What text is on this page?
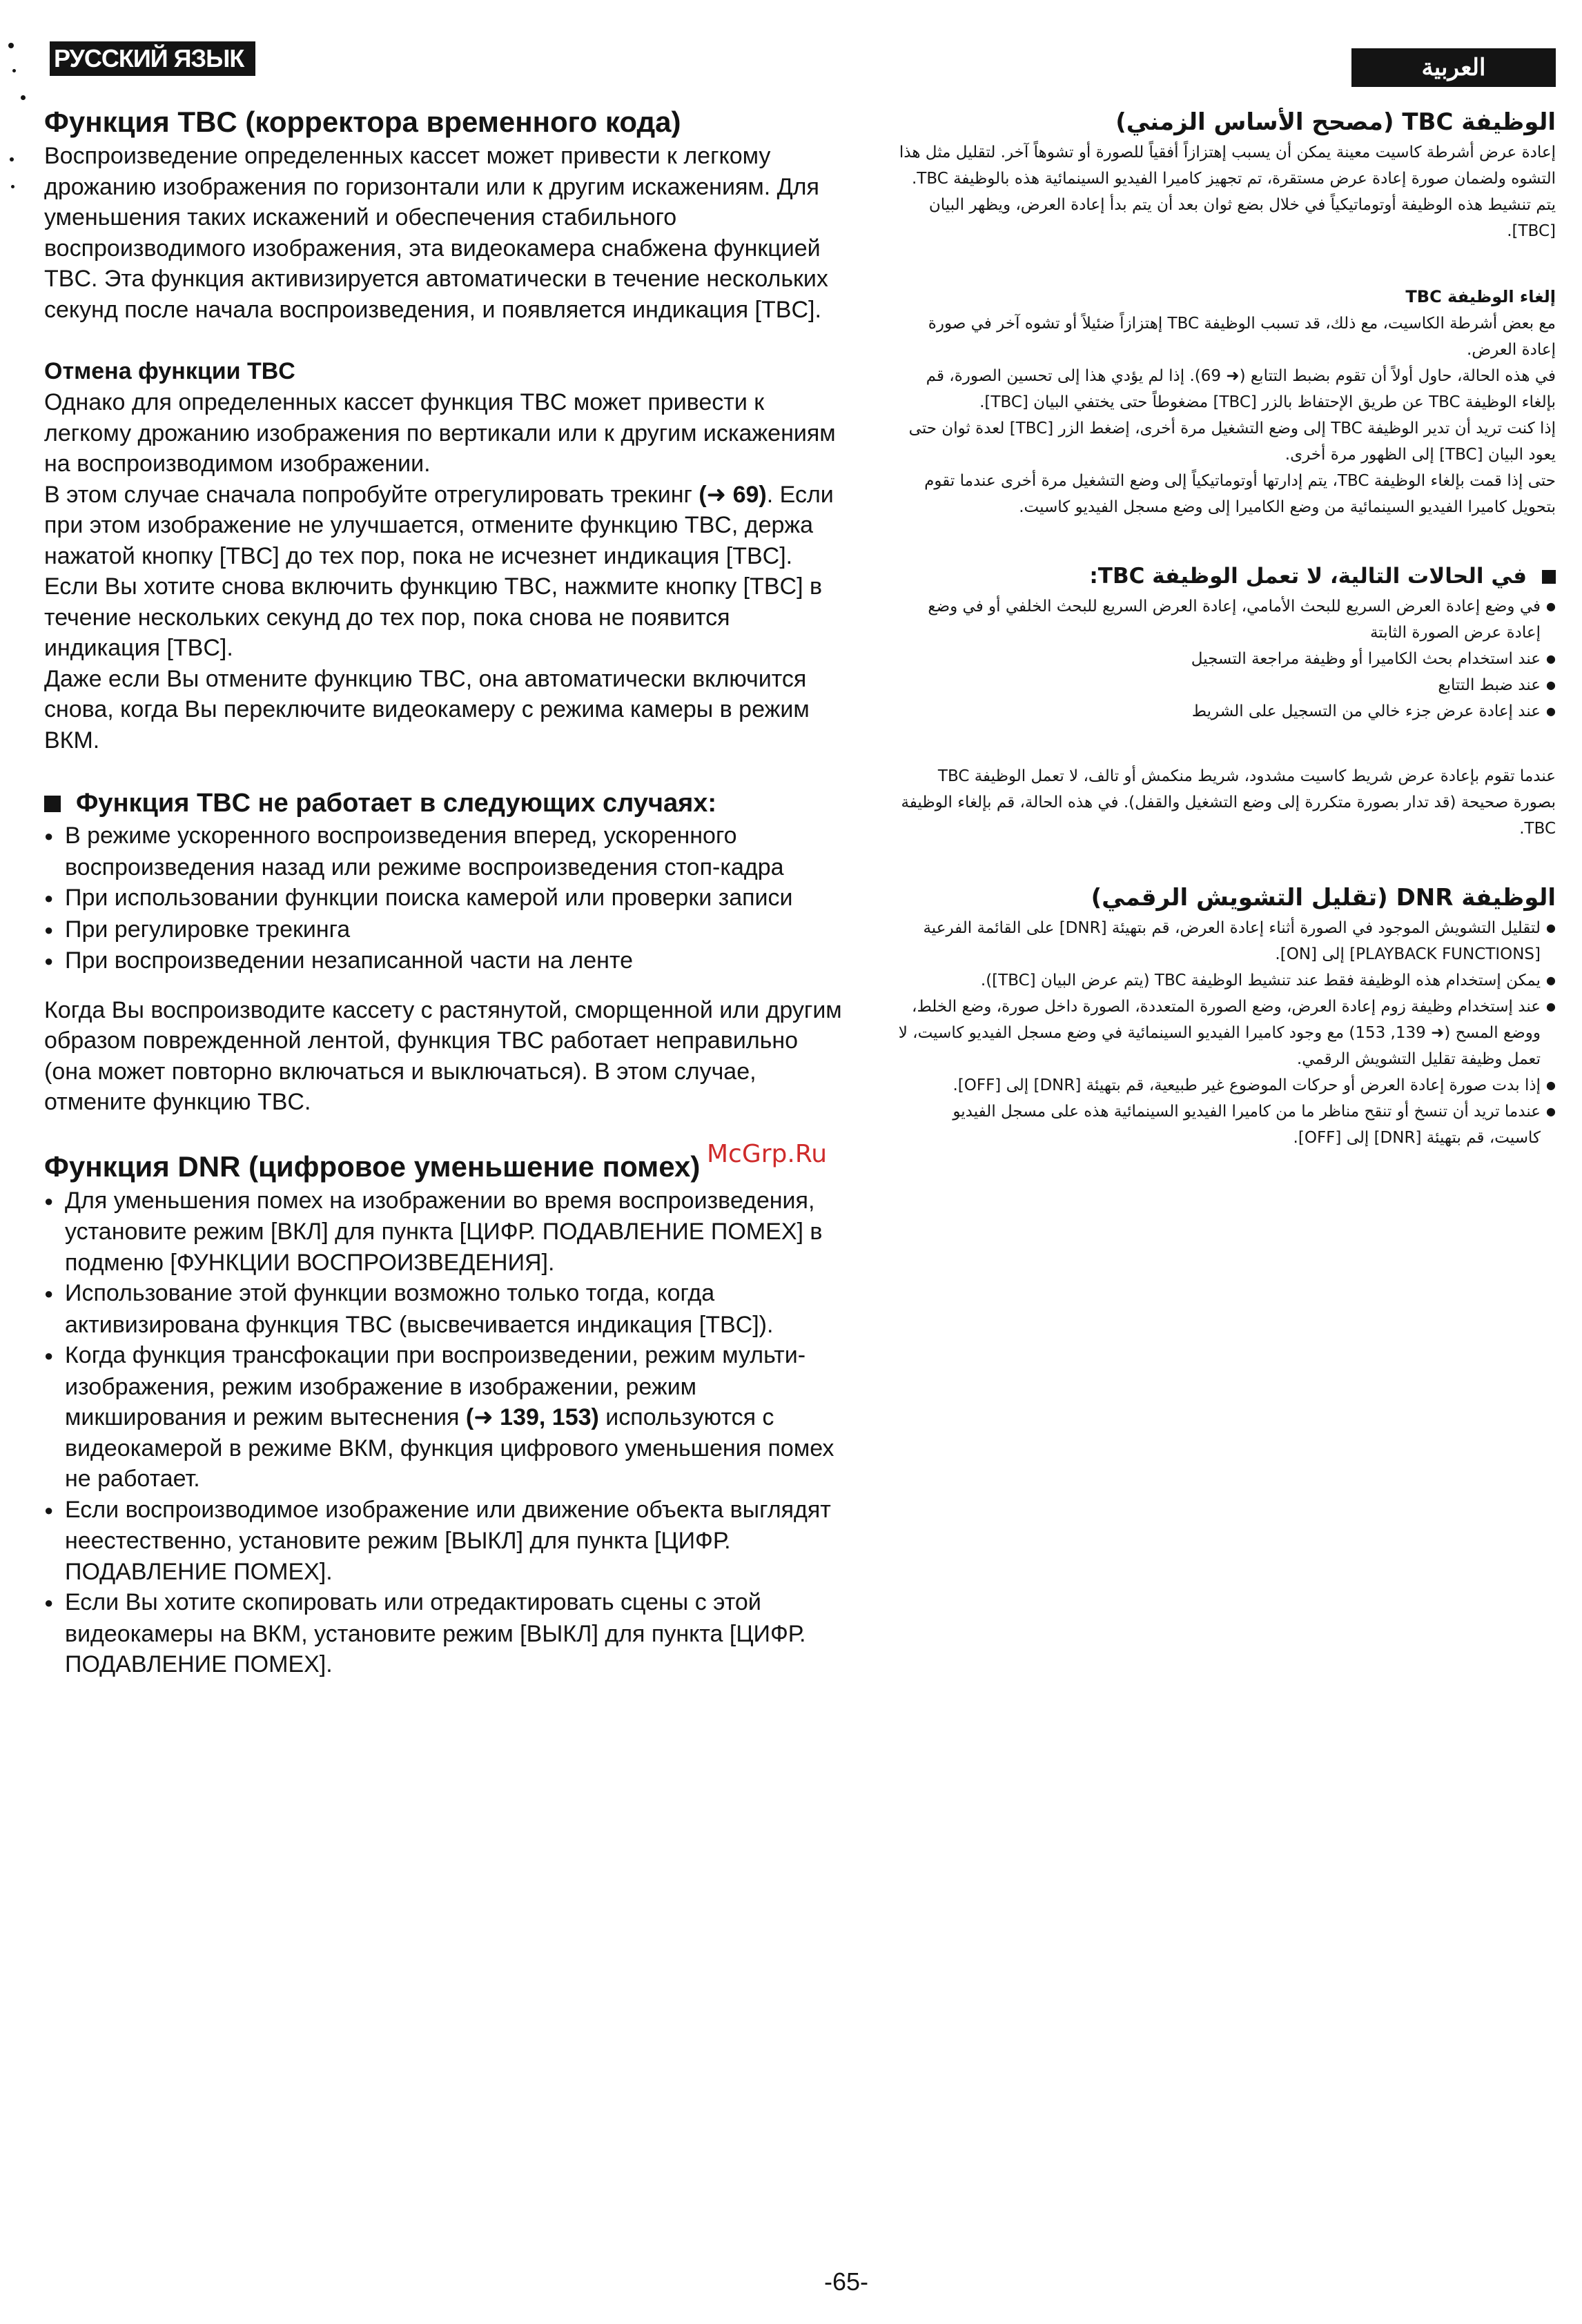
РУССКИЙ ЯЗЫК	العربية
Функция TBC (корректора временного кода)

Воспроизведение определенных кассет может привести к легкому дрожанию изображения по горизонтали или к другим искажениям. Для уменьшения таких искажений и обеспечения стабильного воспроизводимого изображения, эта видеокамера снабжена функцией TBC. Эта функция активизируется автоматически в течение нескольких секунд после начала воспроизведения, и появляется индикация [TBC].

Отмена функции TBC

Однако для определенных кассет функция TBC может привести к легкому дрожанию изображения по вертикали или к другим искажениям на воспроизводимом изображении.

В этом случае сначала попробуйте отрегулировать трекинг (➜ 69). Если при этом изображение не улучшается, отмените функцию TBC, держа нажатой кнопку [TBC] до тех пор, пока не исчезнет индикация [TBC].

Если Вы хотите снова включить функцию TBC, нажмите кнопку [TBC] в течение нескольких секунд до тех пор, пока снова не появится индикация [TBC].

Даже если Вы отмените функцию TBC, она автоматически включится снова, когда Вы переключите видеокамеру с режима камеры в режим ВКМ.

Функция TBC не работает в следующих случаях:
● В режиме ускоренного воспроизведения вперед, ускоренного воспроизведения назад или режиме воспроизведения стоп-кадра
● При использовании функции поиска камерой или проверки записи
● При регулировке трекинга
● При воспроизведении незаписанной части на ленте

Когда Вы воспроизводите кассету с растянутой, сморщенной или другим образом поврежденной лентой, функция TBC работает неправильно (она может повторно включаться и выключаться). В этом случае, отмените функцию TBC.

Функция DNR (цифровое уменьшение помех)
● Для уменьшения помех на изображении во время воспроизведения, установите режим [ВКЛ] для пункта [ЦИФР. ПОДАВЛЕНИЕ ПОМЕХ] в подменю [ФУНКЦИИ ВОСПРОИЗВЕДЕНИЯ].
● Использование этой функции возможно только тогда, когда активизирована функция TBC (высвечивается индикация [TBC]).
● Когда функция трансфокации при воспроизведении, режим мульти-изображения, режим изображение в изображении, режим микширования и режим вытеснения (➜ 139, 153) используются с видеокамерой в режиме ВКМ, функция цифрового уменьшения помех не работает.
● Если воспроизводимое изображение или движение объекта выглядят неестественно, установите режим [ВЫКЛ] для пункта [ЦИФР. ПОДАВЛЕНИЕ ПОМЕХ].
● Если Вы хотите скопировать или отредактировать сцены с этой видеокамеры на ВКМ, установите режим [ВЫКЛ] для пункта [ЦИФР. ПОДАВЛЕНИЕ ПОМЕХ].
الوظيفة TBC (مصحح الأساس الزمني)

إعادة عرض أشرطة كاسيت معينة يمكن أن يسبب إهتزازاً أفقياً للصورة أو تشوهاً آخر. لتقليل مثل هذا التشوه ولضمان صورة إعادة عرض مستقرة، تم تجهيز كاميرا الفيديو السينمائية هذه بالوظيفة TBC. يتم تنشيط هذه الوظيفة أوتوماتيكياً في خلال بضع ثوان بعد أن يتم بدأ إعادة العرض، ويظهر البيان [TBC].

إلغاء الوظيفة TBC

مع بعض أشرطة الكاسيت، مع ذلك، قد تسبب الوظيفة TBC إهتزازاً ضئيلاً أو تشوه آخر في صورة إعادة العرض.

في هذه الحالة، حاول أولاً أن تقوم بضبط التتابع (➜ 69). إذا لم يؤدي هذا إلى تحسين الصورة، قم بإلغاء الوظيفة TBC عن طريق الإحتفاظ بالزر [TBC] مضغوطاً حتى يختفي البيان [TBC].

إذا كنت تريد أن تدير الوظيفة TBC إلى وضع التشغيل مرة أخرى، إضغط الزر [TBC] لعدة ثوان حتى يعود البيان [TBC] إلى الظهور مرة أخرى.

حتى إذا قمت بإلغاء الوظيفة TBC، يتم إدارتها أوتوماتيكياً إلى وضع التشغيل مرة أخرى عندما تقوم بتحويل كاميرا الفيديو السينمائية من وضع الكاميرا إلى وضع مسجل الفيديو كاسيت.

في الحالات التالية، لا تعمل الوظيفة TBC:
● في وضع إعادة العرض السريع للبحث الأمامي، إعادة العرض السريع للبحث الخلفي أو في وضع إعادة عرض الصورة الثابتة
● عند استخدام بحث الكاميرا أو وظيفة مراجعة التسجيل
● عند ضبط التتابع
● عند إعادة عرض جزء خالي من التسجيل على الشريط

عندما تقوم بإعادة عرض شريط كاسيت مشدود، شريط منكمش أو تالف، لا تعمل الوظيفة TBC بصورة صحيحة (قد تدار بصورة متكررة إلى وضع التشغيل والقفل). في هذه الحالة، قم بإلغاء الوظيفة TBC.

الوظيفة DNR (تقليل التشويش الرقمي)
● لتقليل التشويش الموجود في الصورة أثناء إعادة العرض، قم بتهيئة [DNR] على القائمة الفرعية [PLAYBACK FUNCTIONS] إلى [ON].
● يمكن إستخدام هذه الوظيفة فقط عند تنشيط الوظيفة TBC (يتم عرض البيان [TBC]).
● عند إستخدام وظيفة زوم إعادة العرض، وضع الصورة المتعددة، الصورة داخل صورة، وضع الخلط، ووضع المسح (➜ 139, 153) مع وجود كاميرا الفيديو السينمائية في وضع مسجل الفيديو كاسيت، لا تعمل وظيفة تقليل التشويش الرقمي.
● إذا بدت صورة إعادة العرض أو حركات الموضوع غير طبيعية، قم بتهيئة [DNR] إلى [OFF].
● عندما تريد أن تنسخ أو تنقح مناظر ما من كاميرا الفيديو السينمائية هذه على مسجل الفيديو كاسيت، قم بتهيئة [DNR] إلى [OFF].
McGrp.Ru
-65-
